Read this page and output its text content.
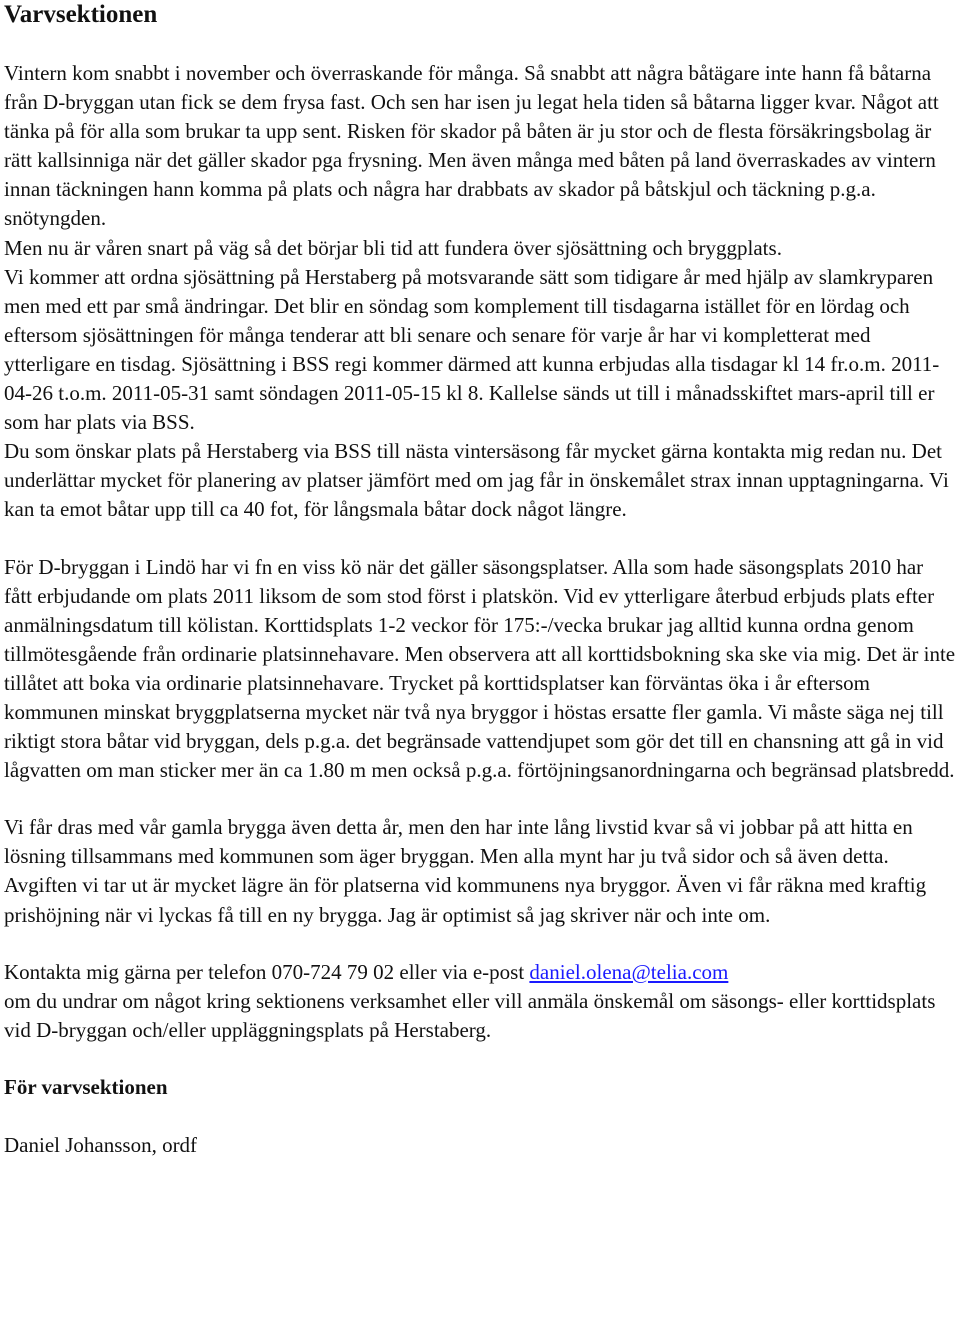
Varvsektionen

Vintern kom snabbt i november och överraskande för många. Så snabbt att några båtägare inte hann få båtarna från D-bryggan utan fick se dem frysa fast. Och sen har isen ju legat hela tiden så båtarna ligger kvar. Något att tänka på för alla som brukar ta upp sent. Risken för skador på båten är ju stor och de flesta försäkringsbolag är rätt kallsinniga när det gäller skador pga frysning. Men även många med båten på land överraskades av vintern innan täckningen hann komma på plats och några har drabbats av skador på båtskjul och täckning p.g.a. snötyngden.

Men nu är våren snart på väg så det börjar bli tid att fundera över sjösättning och bryggplats.

Vi kommer att ordna sjösättning på Herstaberg på motsvarande sätt som tidigare år med hjälp av slamkryparen men med ett par små ändringar. Det blir en söndag som komplement till tisdagarna istället för en lördag och eftersom sjösättningen för många tenderar att bli senare och senare för varje år har vi kompletterat med ytterligare en tisdag. Sjösättning i BSS regi kommer därmed att kunna erbjudas alla tisdagar kl 14 fr.o.m. 2011-04-26 t.o.m. 2011-05-31 samt söndagen 2011-05-15 kl 8. Kallelse sänds ut till i månadsskiftet mars-april till er som har plats via BSS.

Du som önskar plats på Herstaberg via BSS till nästa vintersäsong får mycket gärna kontakta mig redan nu. Det underlättar mycket för planering av platser jämfört med om jag får in önskemålet strax innan upptagningarna. Vi kan ta emot båtar upp till ca 40 fot, för långsmala båtar dock något längre.

För D-bryggan i Lindö har vi fn en viss kö när det gäller säsongsplatser. Alla som hade säsongsplats 2010 har fått erbjudande om plats 2011 liksom de som stod först i platskön. Vid ev ytterligare återbud erbjuds plats efter anmälningsdatum till kölistan. Korttidsplats 1-2 veckor för 175:-/vecka brukar jag alltid kunna ordna genom tillmötesgående från ordinarie platsinnehavare. Men observera att all korttidsbokning ska ske via mig. Det är inte tillåtet att boka via ordinarie platsinnehavare. Trycket på korttidsplatser kan förväntas öka i år eftersom kommunen minskat bryggplatserna mycket när två nya bryggor i höstas ersatte fler gamla. Vi måste säga nej till riktigt stora båtar vid bryggan, dels p.g.a. det begränsade vattendjupet som gör det till en chansning att gå in vid lågvatten om man sticker mer än ca 1.80 m men också p.g.a. förtöjningsanordningarna och begränsad platsbredd.

Vi får dras med vår gamla brygga även detta år, men den har inte lång livstid kvar så vi jobbar på att hitta en lösning tillsammans med kommunen som äger bryggan. Men alla mynt har ju två sidor och så även detta. Avgiften vi tar ut är mycket lägre än för platserna vid kommunens nya bryggor. Även vi får räkna med kraftig prishöjning när vi lyckas få till en ny brygga. Jag är optimist så jag skriver när och inte om.

Kontakta mig gärna per telefon 070-724 79 02 eller via e-post daniel.olena@telia.com
om du undrar om något kring sektionens verksamhet eller vill anmäla önskemål om säsongs- eller korttidsplats vid D-bryggan och/eller uppläggningsplats på Herstaberg.

För varvsektionen

Daniel Johansson, ordf
